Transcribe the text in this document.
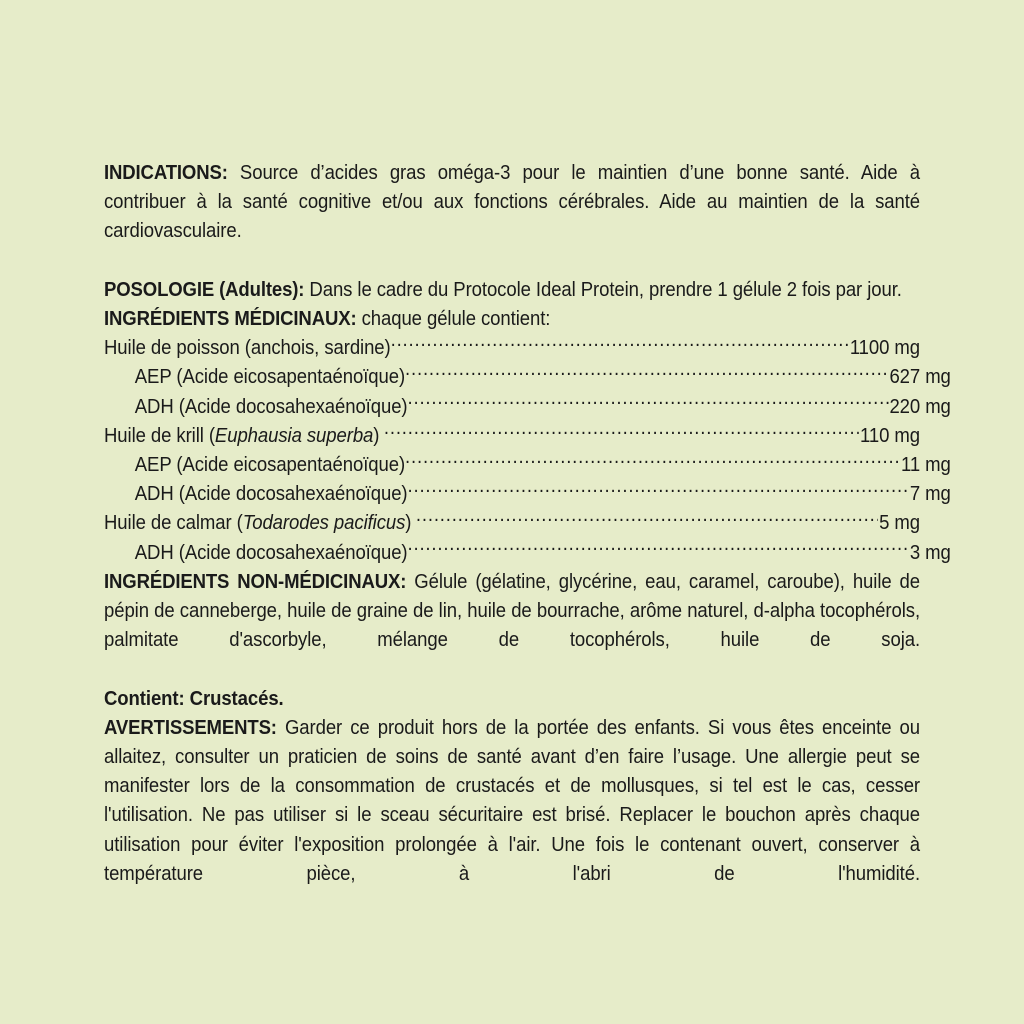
INDICATIONS: Source d’acides gras oméga-3 pour le maintien d’une bonne santé. Aide à contribuer à la santé cognitive et/ou aux fonctions cérébrales. Aide au maintien de la santé cardiovasculaire.

POSOLOGIE (Adultes): Dans le cadre du Protocole Ideal Protein, prendre 1 gélule 2 fois par jour.

INGRÉDIENTS MÉDICINAUX: chaque gélule contient:

Huile de poisson (anchois, sardine) .....	1100 mg
AEP (Acide eicosapentaénoïque) .....	627 mg
ADH (Acide docosahexaénoïque) .....	220 mg
Huile de krill (Euphausia superba) .....	110 mg
AEP (Acide eicosapentaénoïque) .....	11 mg
ADH (Acide docosahexaénoïque) .....	7 mg
Huile de calmar (Todarodes pacificus) .....	5 mg
ADH (Acide docosahexaénoïque) .....	3 mg

INGRÉDIENTS NON-MÉDICINAUX: Gélule (gélatine, glycérine, eau, caramel, caroube), huile de pépin de canneberge, huile de graine de lin, huile de bourrache, arôme naturel, d-alpha tocophérols, palmitate d'ascorbyle, mélange de tocophérols, huile de soja.

Contient: Crustacés.

AVERTISSEMENTS: Garder ce produit hors de la portée des enfants. Si vous êtes enceinte ou allaitez, consulter un praticien de soins de santé avant d’en faire l’usage. Une allergie peut se manifester lors de la consommation de crustacés et de mollusques, si tel est le cas, cesser l'utilisation. Ne pas utiliser si le sceau sécuritaire est brisé. Replacer le bouchon après chaque utilisation pour éviter l'exposition prolongée à l'air. Une fois le contenant ouvert, conserver à température pièce, à l'abri de l'humidité.
